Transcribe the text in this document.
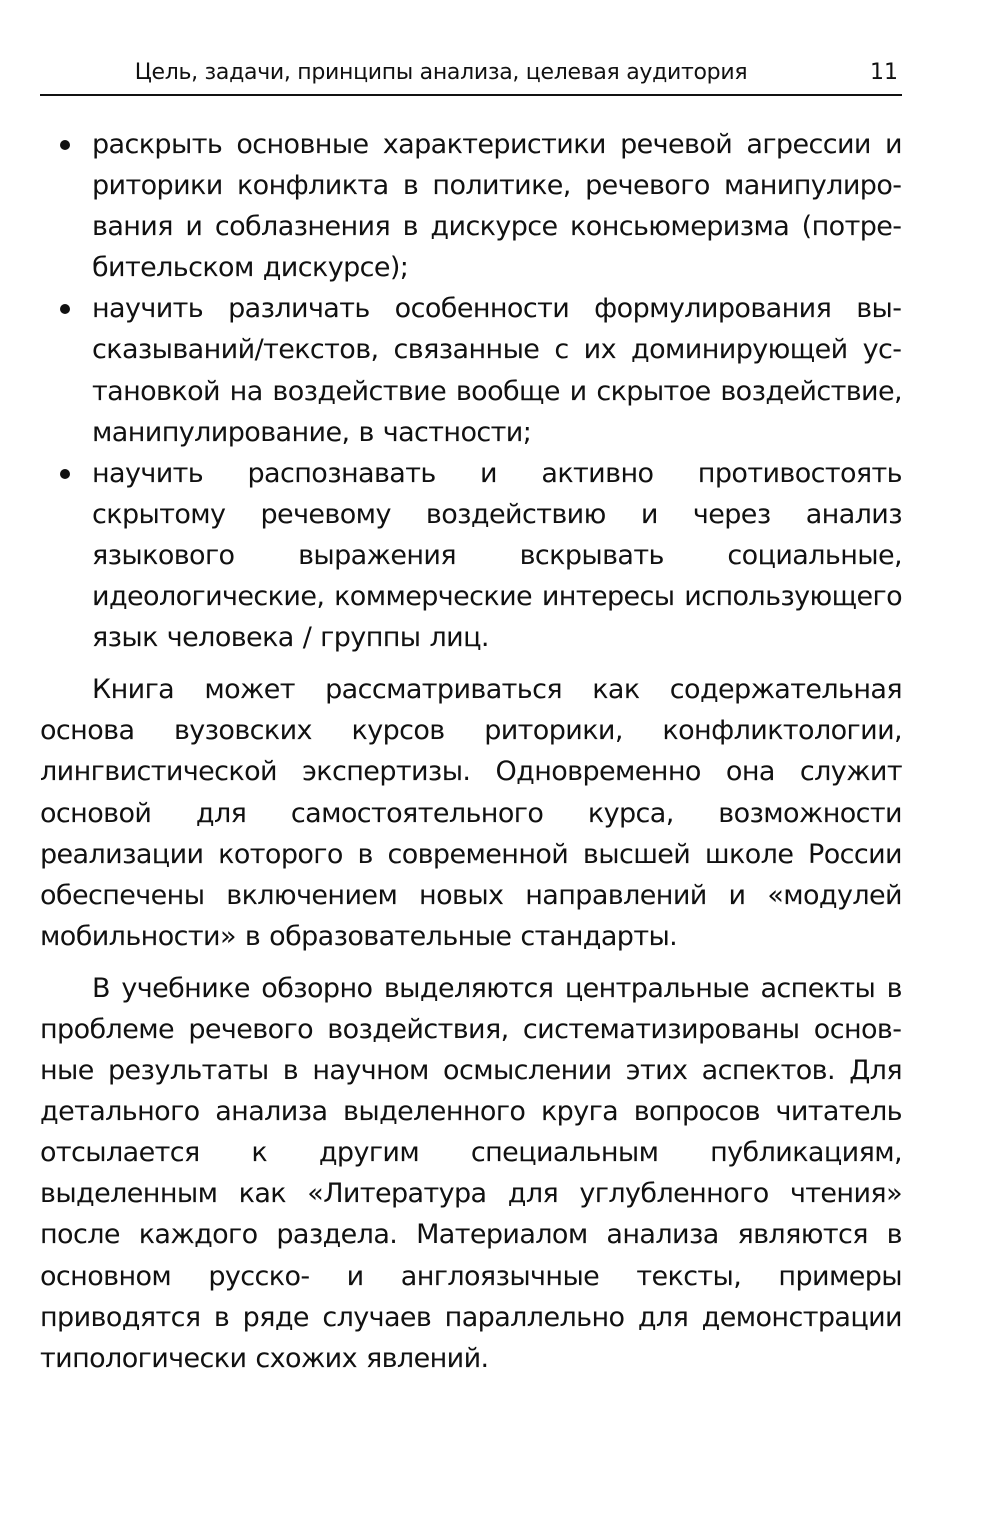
Цель, задачи, принципы анализа, целевая аудитория	11
раскрыть основные характеристики речевой агрессии и риторики конфликта в политике, речевого манипулирования и соблазнения в дискурсе консьюмеризма (потребительском дискурсе);
научить различать особенности формулирования высказываний/текстов, связанные с их доминирующей установкой на воздействие вообще и скрытое воздействие, манипулирование, в частности;
научить распознавать и активно противостоять скрытому речевому воздействию и через анализ языкового выражения вскрывать социальные, идеологические, коммерческие интересы использующего язык человека / группы лиц.

Книга может рассматриваться как содержательная основа вузовских курсов риторики, конфликтологии, лингвистической экспертизы. Одновременно она служит основой для самостоятельного курса, возможности реализации которого в современной высшей школе России обеспечены включением новых направлений и «модулей мобильности» в образовательные стандарты.

В учебнике обзорно выделяются центральные аспекты в проблеме речевого воздействия, систематизированы основные результаты в научном осмыслении этих аспектов. Для детального анализа выделенного круга вопросов читатель отсылается к другим специальным публикациям, выделенным как «Литература для углубленного чтения» после каждого раздела. Материалом анализа являются в основном русско- и англоязычные тексты, примеры приводятся в ряде случаев параллельно для демонстрации типологически схожих явлений.
